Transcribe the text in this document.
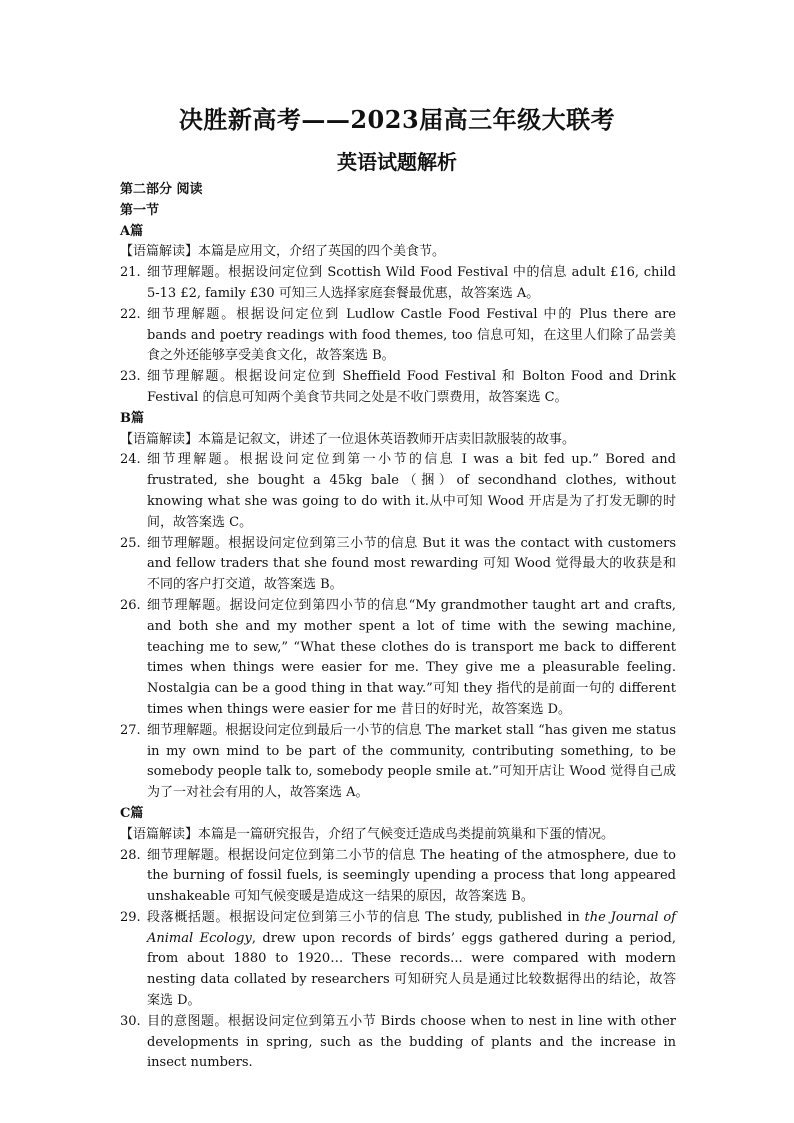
决胜新高考——2023届高三年级大联考
英语试题解析
第二部分 阅读
第一节
A篇
【语篇解读】本篇是应用文，介绍了英国的四个美食节。
21. 细节理解题。根据设问定位到 Scottish Wild Food Festival 中的信息 adult £16, child 5-13 £2, family £30 可知三人选择家庭套餐最优惠，故答案选 A。

22. 细节理解题。根据设问定位到 Ludlow Castle Food Festival 中的 Plus there are bands and poetry readings with food themes, too 信息可知，在这里人们除了品尝美食之外还能够享受美食文化，故答案选 B。

23. 细节理解题。根据设问定位到 Sheffield Food Festival 和 Bolton Food and Drink Festival 的信息可知两个美食节共同之处是不收门票费用，故答案选 C。

B篇
【语篇解读】本篇是记叙文，讲述了一位退休英语教师开店卖旧款服装的故事。
24. 细节理解题。根据设问定位到第一小节的信息 I was a bit fed up.” Bored and frustrated, she bought a 45kg bale（捆）of secondhand clothes, without knowing what she was going to do with it.从中可知 Wood 开店是为了打发无聊的时间，故答案选 C。

25. 细节理解题。根据设问定位到第三小节的信息 But it was the contact with customers and fellow traders that she found most rewarding 可知 Wood 觉得最大的收获是和不同的客户打交道，故答案选 B。

26. 细节理解题。据设问定位到第四小节的信息“My grandmother taught art and crafts, and both she and my mother spent a lot of time with the sewing machine, teaching me to sew,” “What these clothes do is transport me back to different times when things were easier for me. They give me a pleasurable feeling. Nostalgia can be a good thing in that way.”可知 they 指代的是前面一句的 different times when things were easier for me 昔日的好时光，故答案选 D。

27. 细节理解题。根据设问定位到最后一小节的信息 The market stall “has given me status in my own mind to be part of the community, contributing something, to be somebody people talk to, somebody people smile at.”可知开店让 Wood 觉得自己成为了一对社会有用的人，故答案选 A。

C篇
【语篇解读】本篇是一篇研究报告，介绍了气候变迁造成鸟类提前筑巢和下蛋的情况。
28. 细节理解题。根据设问定位到第二小节的信息 The heating of the atmosphere, due to the burning of fossil fuels, is seemingly upending a process that long appeared unshakeable 可知气候变暖是造成这一结果的原因，故答案选 B。

29. 段落概括题。根据设问定位到第三小节的信息 The study, published in the Journal of Animal Ecology, drew upon records of birds’ eggs gathered during a period, from about 1880 to 1920… These records... were compared with modern nesting data collated by researchers 可知研究人员是通过比较数据得出的结论，故答案选 D。

30. 目的意图题。根据设问定位到第五小节 Birds choose when to nest in line with other developments in spring, such as the budding of plants and the increase in insect numbers.
